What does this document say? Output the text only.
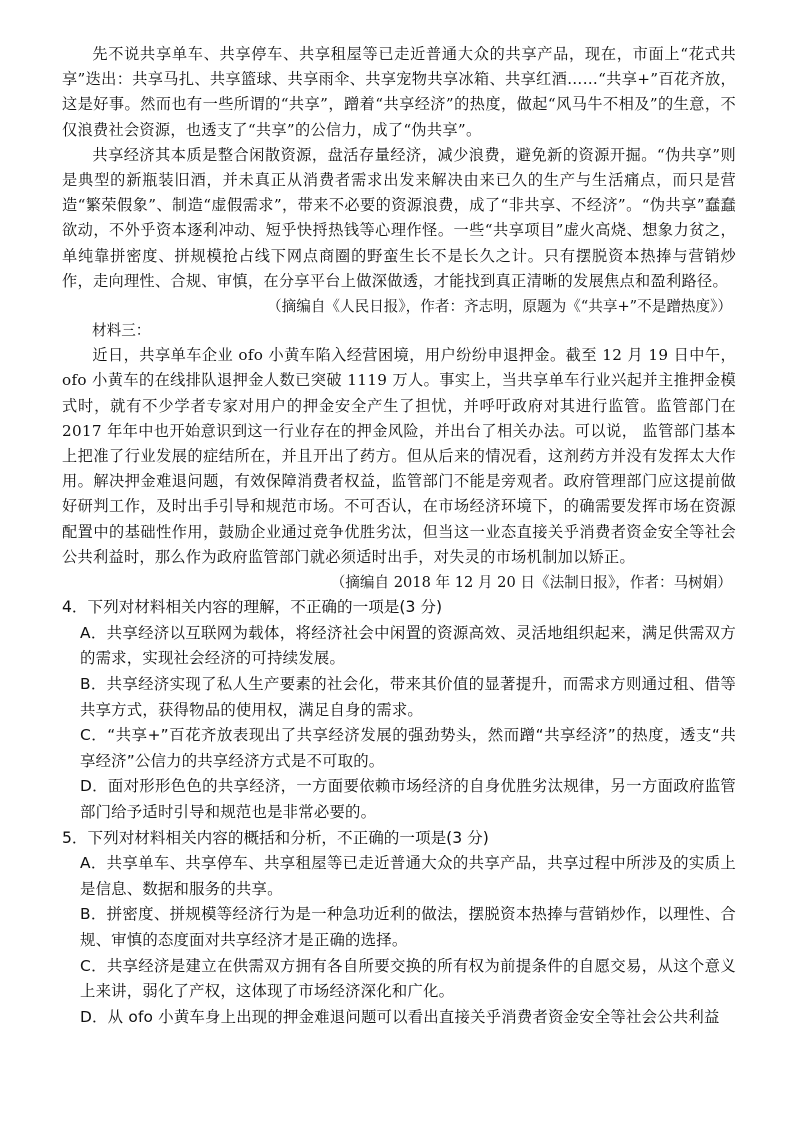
先不说共享单车、共享停车、共享租屋等已走近普通大众的共享产品，现在，市面上“花式共享”迭出：共享马扎、共享篮球、共享雨伞、共享宠物共享冰箱、共享红酒……“共享+”百花齐放，这是好事。然而也有一些所谓的“共享”，蹭着“共享经济”的热度，做起“风马牛不相及”的生意，不仅浪费社会资源，也透支了“共享”的公信力，成了“伪共享”。

共享经济其本质是整合闲散资源，盘活存量经济，减少浪费，避免新的资源开掘。“伪共享”则是典型的新瓶装旧酒，并未真正从消费者需求出发来解决由来已久的生产与生活痛点，而只是营造“繁荣假象”、制造“虚假需求”，带来不必要的资源浪费，成了“非共享、不经济”。“伪共享”蠢蠢欲动，不外乎资本逐利冲动、短乎快捋热钱等心理作怪。一些“共享项目”虚火高烧、想象力贫之，单纯靠拼密度、拼规模抢占线下网点商圈的野蛮生长不是长久之计。只有摆脱资本热捧与营销炒作，走向理性、合规、审慎，在分享平台上做深做透，才能找到真正清晰的发展焦点和盈利路径。

（摘编自《人民日报》，作者：齐志明，原题为《“共享+”不是蹭热度》）

材料三：

近日，共享单车企业 ofo 小黄车陷入经营困境，用户纷纷申退押金。截至 12 月 19 日中午，ofo 小黄车的在线排队退押金人数已突破 1119 万人。事实上，当共享单车行业兴起并主推押金模式时，就有不少学者专家对用户的押金安全产生了担忧，并呼吁政府对其进行监管。监管部门在 2017 年年中也开始意识到这一行业存在的押金风险，并出台了相关办法。可以说， 监管部门基本上把准了行业发展的症结所在，并且开出了药方。但从后来的情况看，这剂药方并没有发挥太大作用。解决押金难退问题，有效保障消费者权益，监管部门不能是旁观者。政府管理部门应这提前做好研判工作，及时出手引导和规范市场。不可否认，在市场经济环境下，的确需要发挥市场在资源配置中的基础性作用，鼓励企业通过竞争优胜劣汰，但当这一业态直接关乎消费者资金安全等社会公共利益时，那么作为政府监管部门就必须适时出手，对失灵的市场机制加以矫正。

（摘编自 2018 年 12 月 20 日《法制日报》，作者：马树娟）

4．下列对材料相关内容的理解，不正确的一项是(3 分)

A．共享经济以互联网为载体，将经济社会中闲置的资源高效、灵活地组织起来，满足供需双方的需求，实现社会经济的可持续发展。

B．共享经济实现了私人生产要素的社会化，带来其价值的显著提升，而需求方则通过租、借等共享方式，获得物品的使用权，满足自身的需求。

C．“共享+”百花齐放表现出了共享经济发展的强劲势头，然而蹭“共享经济”的热度，透支“共享经济”公信力的共享经济方式是不可取的。

D．面对形形色色的共享经济，一方面要依赖市场经济的自身优胜劣汰规律，另一方面政府监管部门给予适时引导和规范也是非常必要的。

5．下列对材料相关内容的概括和分析，不正确的一项是(3 分)

A．共享单车、共享停车、共享租屋等已走近普通大众的共享产品，共享过程中所涉及的实质上是信息、数据和服务的共享。

B．拼密度、拼规模等经济行为是一种急功近利的做法，摆脱资本热捧与营销炒作，以理性、合规、审慎的态度面对共享经济才是正确的选择。

C．共享经济是建立在供需双方拥有各自所要交换的所有权为前提条件的自愿交易，从这个意义上来讲，弱化了产权，这体现了市场经济深化和广化。

D．从 ofo 小黄车身上出现的押金难退问题可以看出直接关乎消费者资金安全等社会公共利益
